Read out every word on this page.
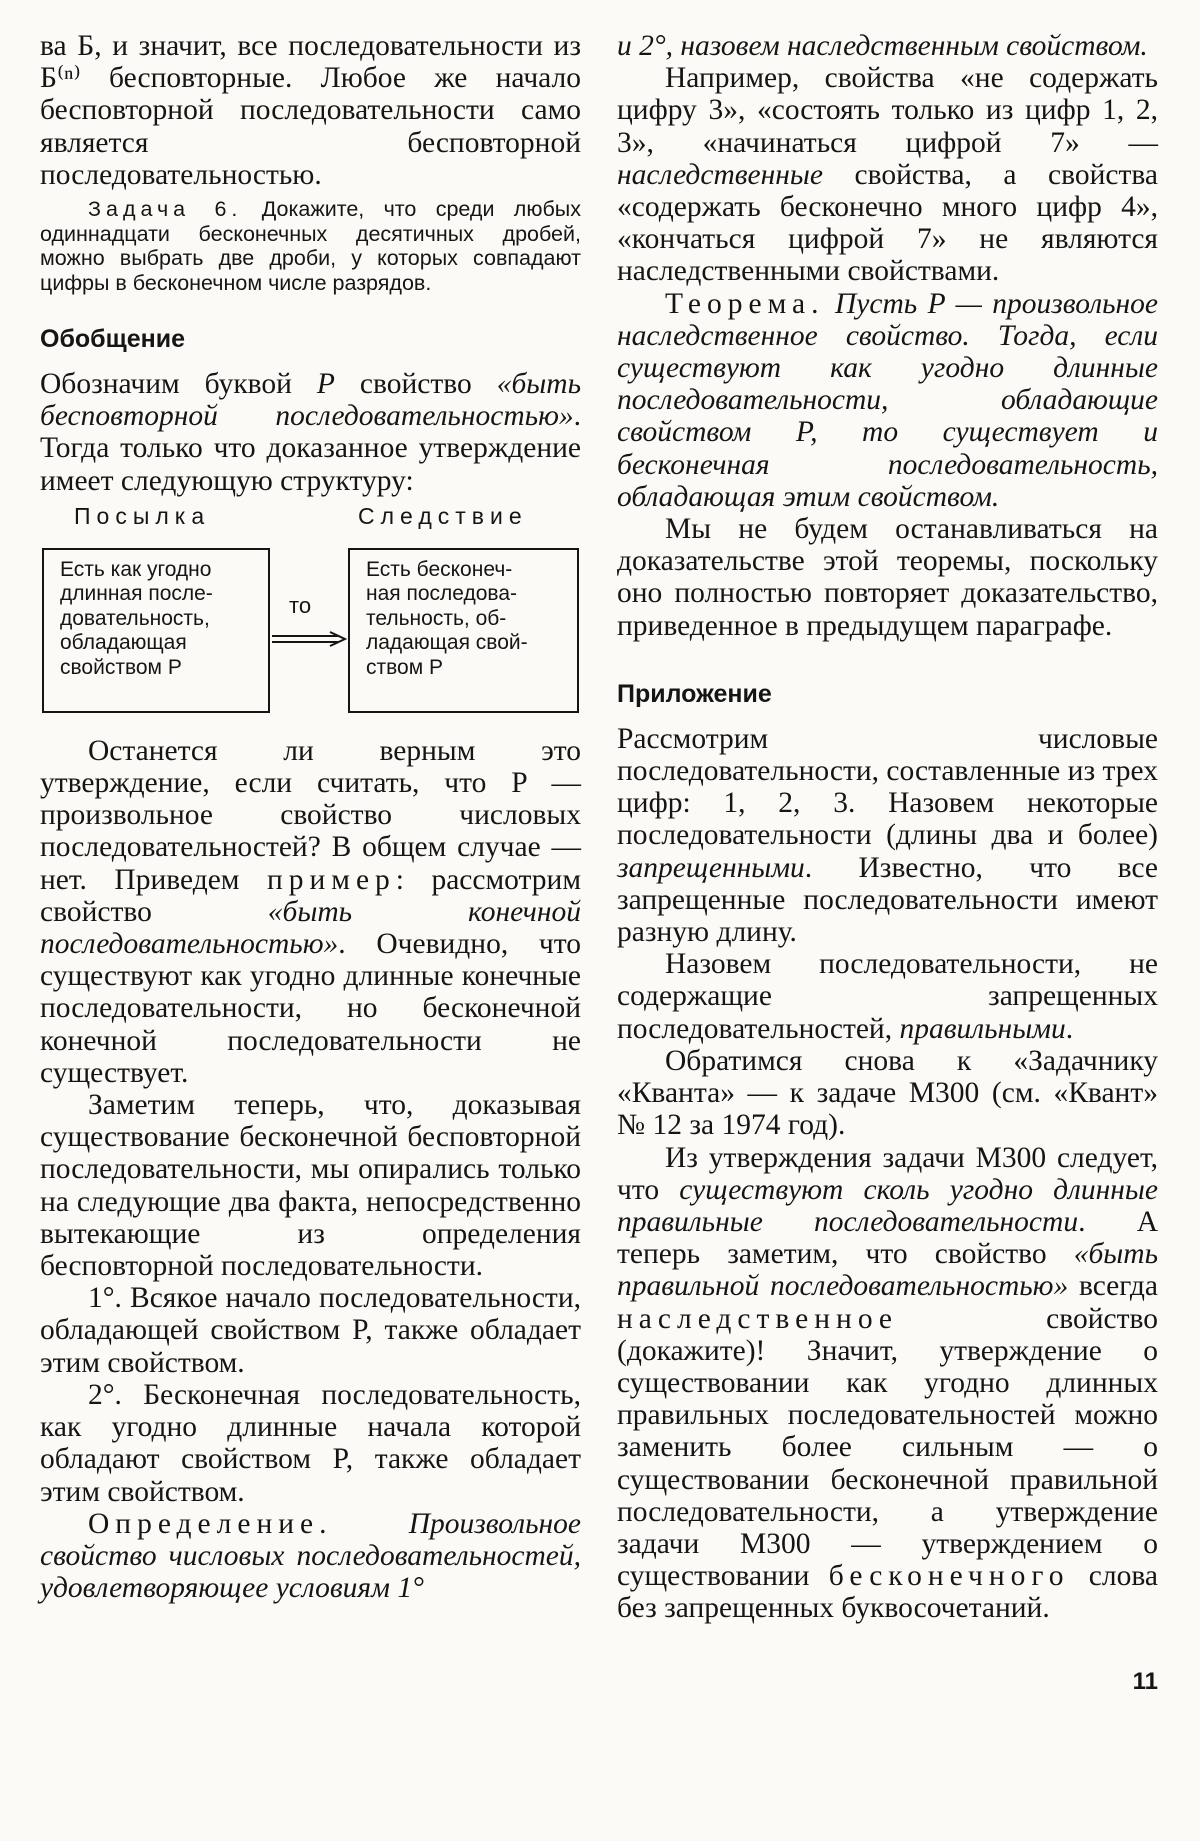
ва Б, и значит, все последовательности из Б⁽ⁿ⁾ бесповторные. Любое же начало бесповторной последовательности само является бесповторной последовательностью.

Задача 6. Докажите, что среди любых одиннадцати бесконечных десятичных дробей, можно выбрать две дроби, у которых совпадают цифры в бесконечном числе разрядов.

Обобщение

Обозначим буквой P свойство «быть бесповторной последовательностью». Тогда только что доказанное утверждение имеет следующую структуру:

Посылка	Следствие
Есть как угодно
длинная после-
довательность,
обладающая
свойством P
то
Есть бесконеч-
ная последова-
тельность, об-
ладающая свой-
ством P

Останется ли верным это утверждение, если считать, что P — произвольное свойство числовых последовательностей? В общем случае — нет. Приведем пример: рассмотрим свойство «быть конечной последовательностью». Очевидно, что существуют как угодно длинные конечные последовательности, но бесконечной конечной последовательности не существует.

Заметим теперь, что, доказывая существование бесконечной бесповторной последовательности, мы опирались только на следующие два факта, непосредственно вытекающие из определения бесповторной последовательности.

1°. Всякое начало последовательности, обладающей свойством P, также обладает этим свойством.

2°. Бесконечная последовательность, как угодно длинные начала которой обладают свойством P, также обладает этим свойством.

Определение.	Произвольное свойство числовых последовательностей, удовлетворяющее условиям 1°

и 2°, назовем наследственным свойством.

Например, свойства «не содержать цифру 3», «состоять только из цифр 1, 2, 3», «начинаться цифрой 7» — наследственные свойства, а свойства «содержать бесконечно много цифр 4», «кончаться цифрой 7» не являются наследственными свойствами.

Теорема. Пусть P — произвольное наследственное свойство. Тогда, если существуют как угодно длинные последовательности, обладающие свойством P, то существует и бесконечная последовательность, обладающая этим свойством.

Мы не будем останавливаться на доказательстве этой теоремы, поскольку оно полностью повторяет доказательство, приведенное в предыдущем параграфе.

Приложение

Рассмотрим числовые последовательности, составленные из трех цифр: 1, 2, 3. Назовем некоторые последовательности (длины два и более) запрещенными. Известно, что все запрещенные последовательности имеют разную длину.

Назовем последовательности, не содержащие запрещенных последовательностей, правильными.

Обратимся снова к «Задачнику «Кванта» — к задаче М300 (см. «Квант» № 12 за 1974 год).

Из утверждения задачи М300 следует, что существуют сколь угодно длинные правильные последовательности. А теперь заметим, что свойство «быть правильной последовательностью» всегда наследственное свойство (докажите)! Значит, утверждение о существовании как угодно длинных правильных последовательностей можно заменить более сильным — о существовании бесконечной правильной последовательности, а утверждение задачи М300 — утверждением о существовании бесконечного слова без запрещенных буквосочетаний.

11
